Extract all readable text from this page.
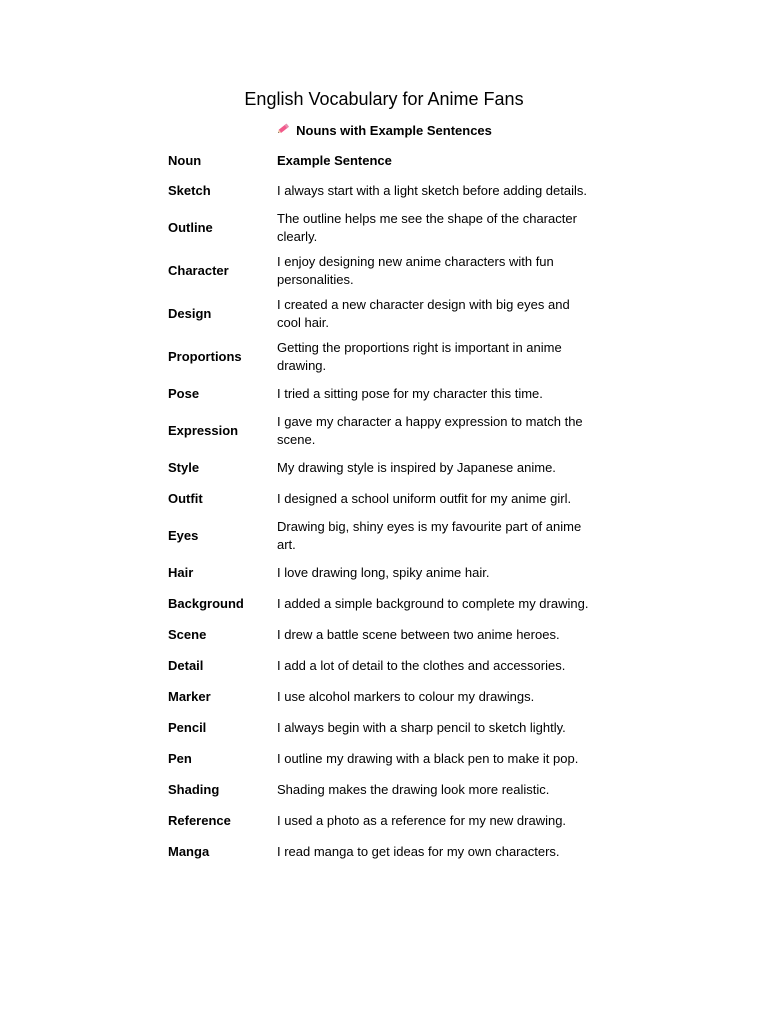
English Vocabulary for Anime Fans

Nouns with Example Sentences

Noun	Example Sentence
Sketch	I always start with a light sketch before adding details.
Outline	The outline helps me see the shape of the character clearly.
Character	I enjoy designing new anime characters with fun personalities.
Design	I created a new character design with big eyes and cool hair.
Proportions	Getting the proportions right is important in anime drawing.
Pose	I tried a sitting pose for my character this time.
Expression	I gave my character a happy expression to match the scene.
Style	My drawing style is inspired by Japanese anime.
Outfit	I designed a school uniform outfit for my anime girl.
Eyes	Drawing big, shiny eyes is my favourite part of anime art.
Hair	I love drawing long, spiky anime hair.
Background	I added a simple background to complete my drawing.
Scene	I drew a battle scene between two anime heroes.
Detail	I add a lot of detail to the clothes and accessories.
Marker	I use alcohol markers to colour my drawings.
Pencil	I always begin with a sharp pencil to sketch lightly.
Pen	I outline my drawing with a black pen to make it pop.
Shading	Shading makes the drawing look more realistic.
Reference	I used a photo as a reference for my new drawing.
Manga	I read manga to get ideas for my own characters.
